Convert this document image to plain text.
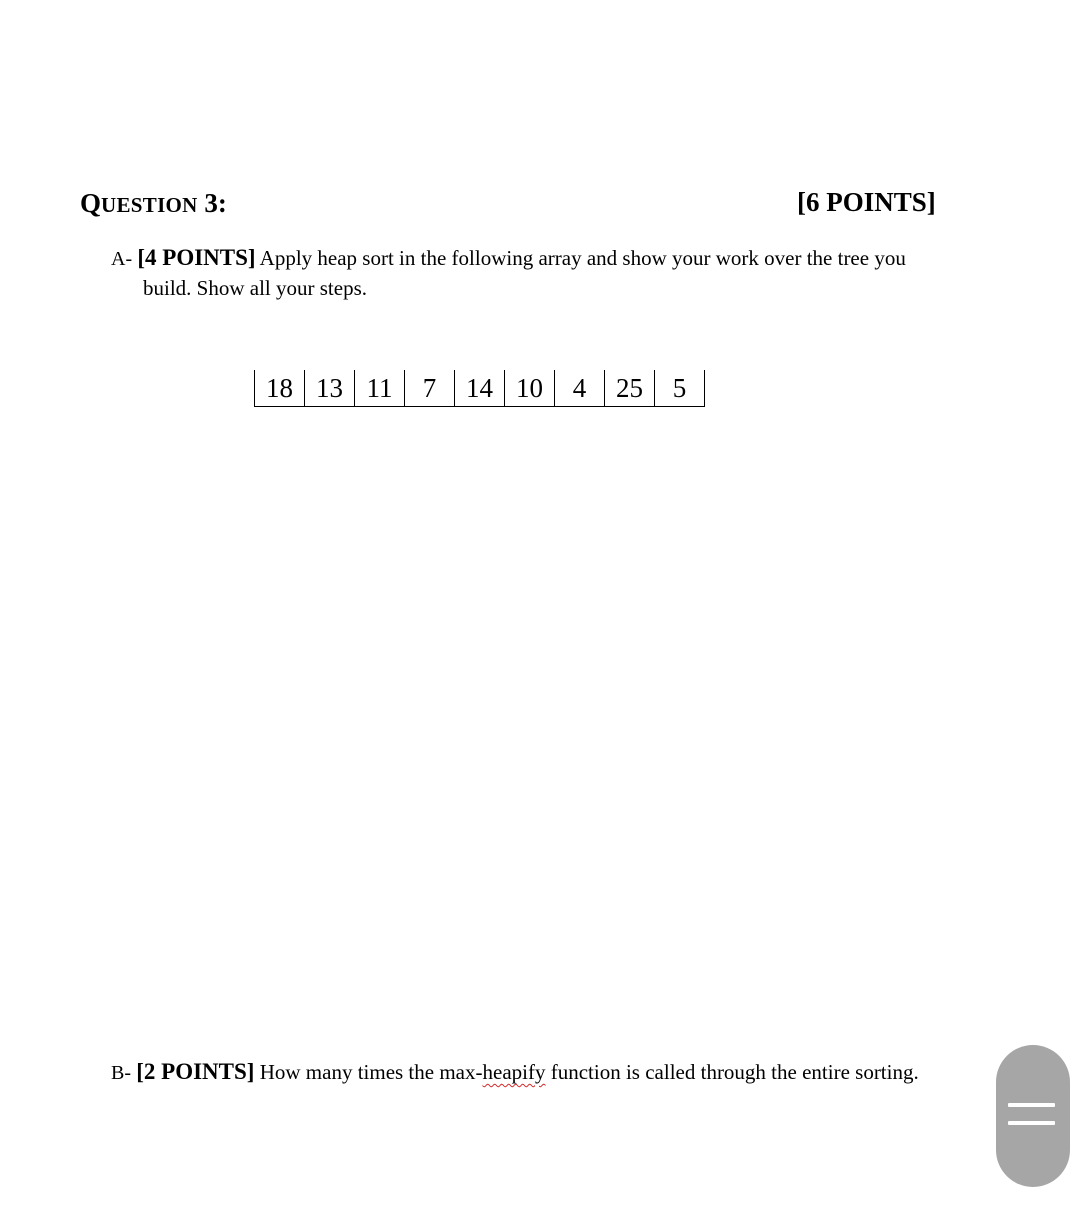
QUESTION 3:	[6 POINTS]
A- [4 POINTS] Apply heap sort in the following array and show your work over the tree you
build. Show all your steps.
18 13 11	7	14 10	4	25	5
B- [2 POINTS] How many times the max-heapify function is called through the entire sorting.
